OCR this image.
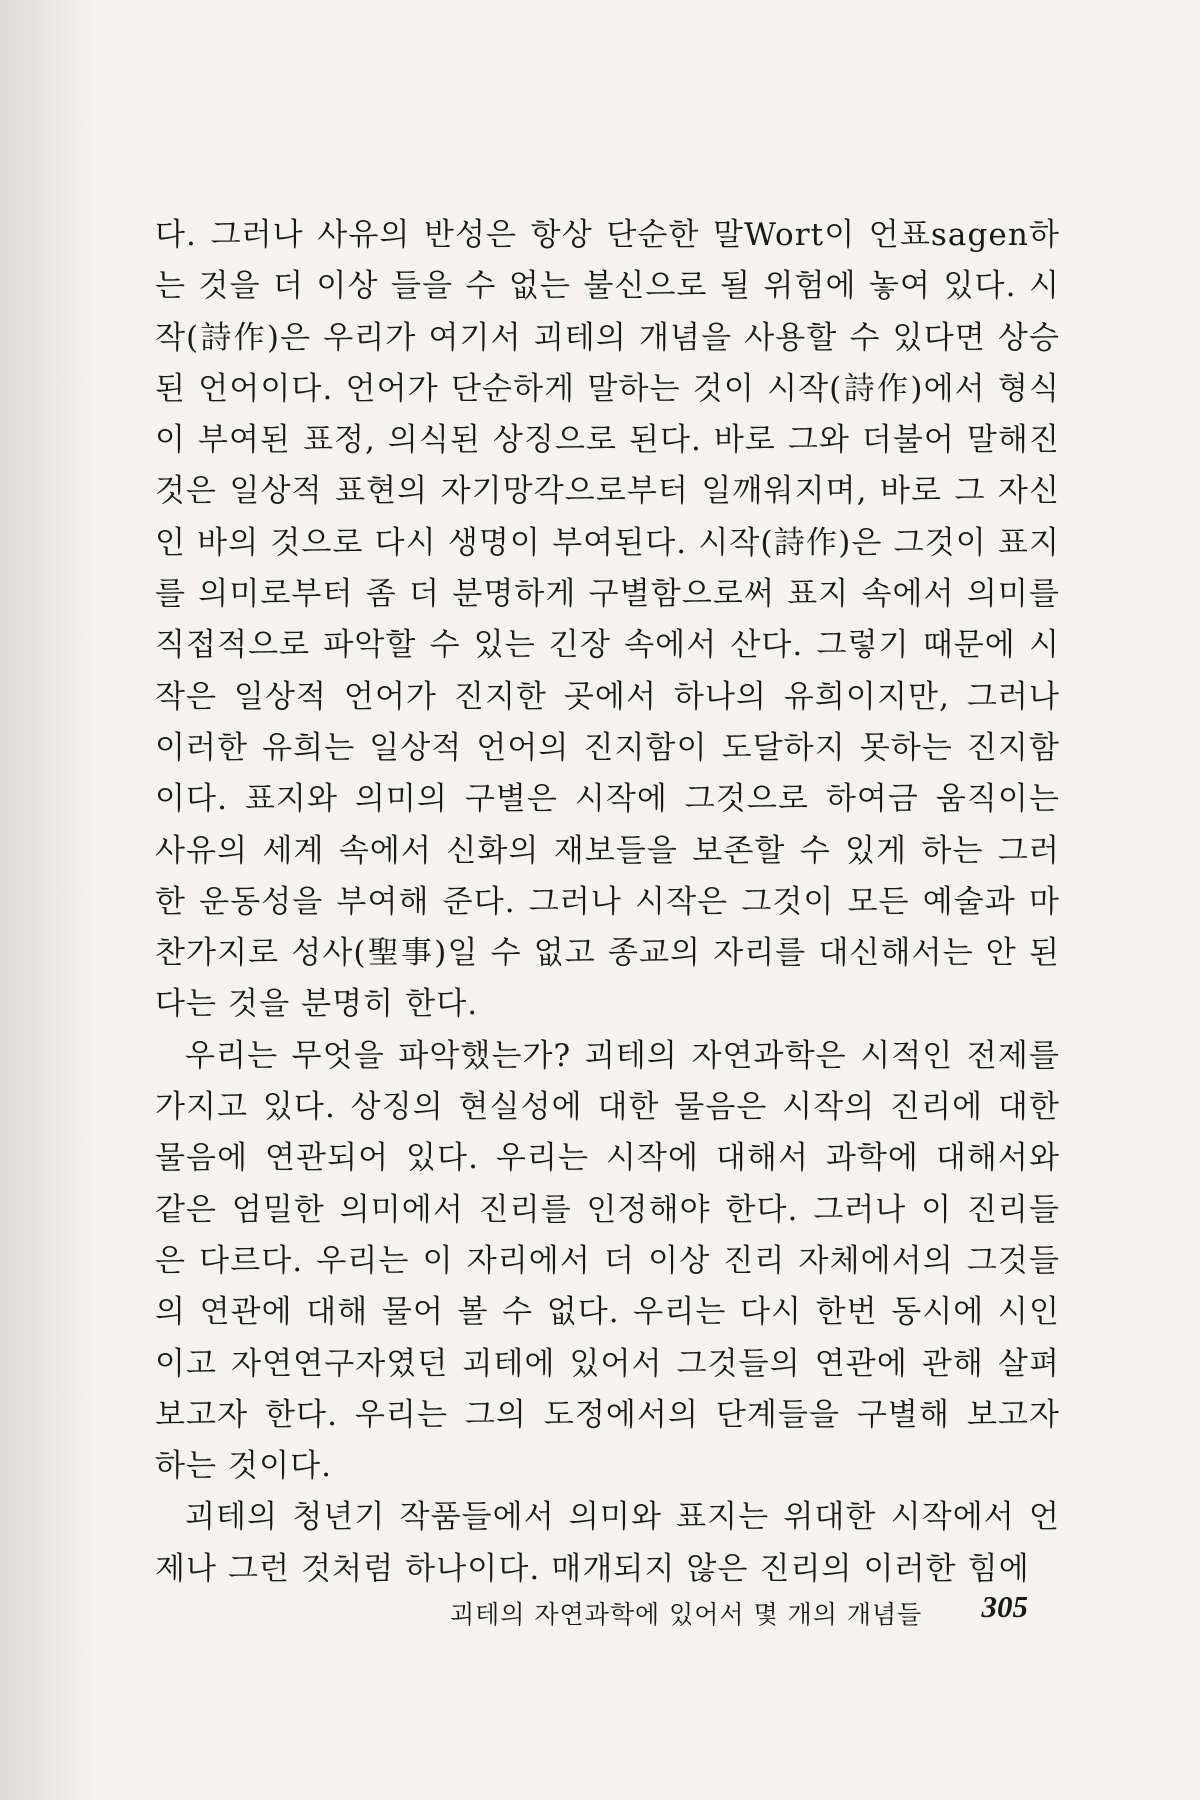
다. 그러나 사유의 반성은 항상 단순한 말Wort이 언표sagen하는 것을 더 이상 들을 수 없는 불신으로 될 위험에 놓여 있다. 시작(詩作)은 우리가 여기서 괴테의 개념을 사용할 수 있다면 상승된 언어이다. 언어가 단순하게 말하는 것이 시작(詩作)에서 형식이 부여된 표정, 의식된 상징으로 된다. 바로 그와 더불어 말해진 것은 일상적 표현의 자기망각으로부터 일깨워지며, 바로 그 자신인 바의 것으로 다시 생명이 부여된다. 시작(詩作)은 그것이 표지를 의미로부터 좀 더 분명하게 구별함으로써 표지 속에서 의미를 직접적으로 파악할 수 있는 긴장 속에서 산다. 그렇기 때문에 시작은 일상적 언어가 진지한 곳에서 하나의 유희이지만, 그러나 이러한 유희는 일상적 언어의 진지함이 도달하지 못하는 진지함이다. 표지와 의미의 구별은 시작에 그것으로 하여금 움직이는 사유의 세계 속에서 신화의 재보들을 보존할 수 있게 하는 그러한 운동성을 부여해 준다. 그러나 시작은 그것이 모든 예술과 마찬가지로 성사(聖事)일 수 없고 종교의 자리를 대신해서는 안 된다는 것을 분명히 한다.

우리는 무엇을 파악했는가? 괴테의 자연과학은 시적인 전제를 가지고 있다. 상징의 현실성에 대한 물음은 시작의 진리에 대한 물음에 연관되어 있다. 우리는 시작에 대해서 과학에 대해서와 같은 엄밀한 의미에서 진리를 인정해야 한다. 그러나 이 진리들은 다르다. 우리는 이 자리에서 더 이상 진리 자체에서의 그것들의 연관에 대해 물어 볼 수 없다. 우리는 다시 한번 동시에 시인이고 자연연구자였던 괴테에 있어서 그것들의 연관에 관해 살펴보고자 한다. 우리는 그의 도정에서의 단계들을 구별해 보고자 하는 것이다.

괴테의 청년기 작품들에서 의미와 표지는 위대한 시작에서 언제나 그런 것처럼 하나이다. 매개되지 않은 진리의 이러한 힘에

괴테의 자연과학에 있어서 몇 개의 개념들 305
